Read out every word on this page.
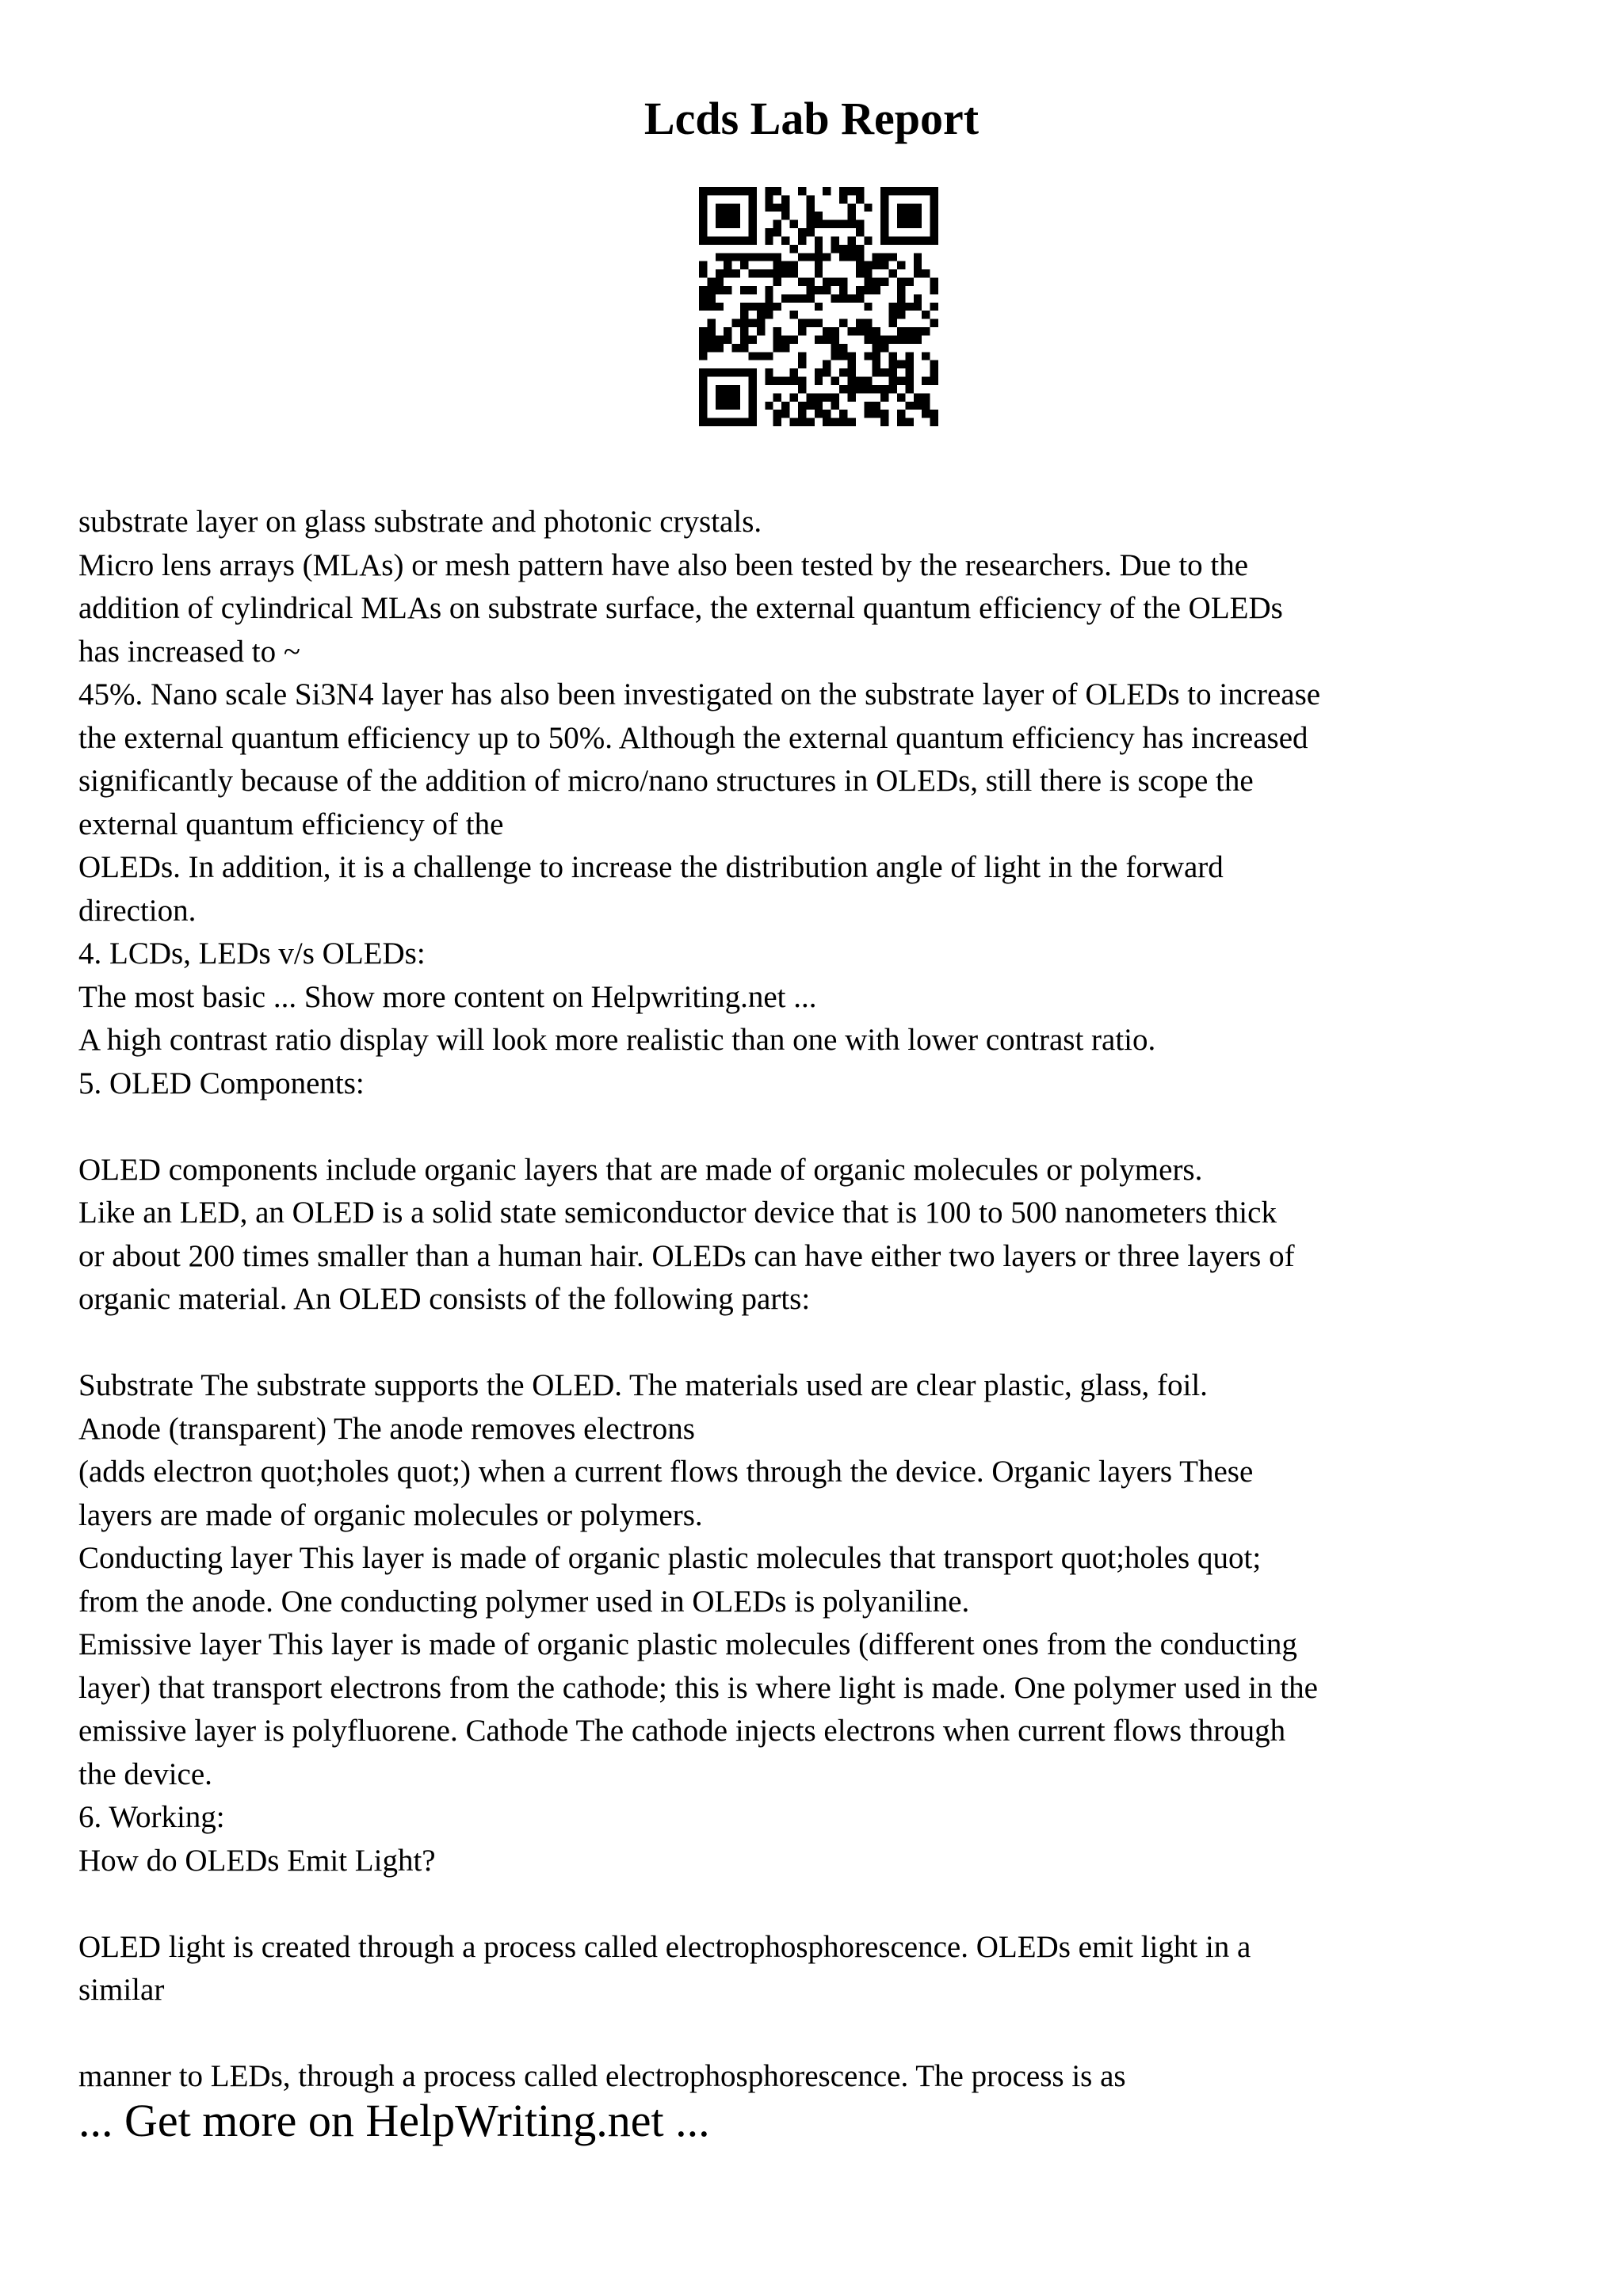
Lcds Lab Report
substrate layer on glass substrate and photonic crystals.
Micro lens arrays (MLAs) or mesh pattern have also been tested by the researchers. Due to the
addition of cylindrical MLAs on substrate surface, the external quantum efficiency of the OLEDs
has increased to ~
45%. Nano scale Si3N4 layer has also been investigated on the substrate layer of OLEDs to increase
the external quantum efficiency up to 50%. Although the external quantum efficiency has increased
significantly because of the addition of micro/nano structures in OLEDs, still there is scope the
external quantum efficiency of the
OLEDs. In addition, it is a challenge to increase the distribution angle of light in the forward
direction.
4. LCDs, LEDs v/s OLEDs:
The most basic ... Show more content on Helpwriting.net ...
A high contrast ratio display will look more realistic than one with lower contrast ratio.
5. OLED Components:
OLED components include organic layers that are made of organic molecules or polymers.
Like an LED, an OLED is a solid state semiconductor device that is 100 to 500 nanometers thick
or about 200 times smaller than a human hair. OLEDs can have either two layers or three layers of
organic material. An OLED consists of the following parts:
Substrate The substrate supports the OLED. The materials used are clear plastic, glass, foil.
Anode (transparent) The anode removes electrons
(adds electron quot;holes quot;) when a current flows through the device. Organic layers These
layers are made of organic molecules or polymers.
Conducting layer This layer is made of organic plastic molecules that transport quot;holes quot;
from the anode. One conducting polymer used in OLEDs is polyaniline.
Emissive layer This layer is made of organic plastic molecules (different ones from the conducting
layer) that transport electrons from the cathode; this is where light is made. One polymer used in the
emissive layer is polyfluorene. Cathode The cathode injects electrons when current flows through
the device.
6. Working:
How do OLEDs Emit Light?
OLED light is created through a process called electrophosphorescence. OLEDs emit light in a
similar
manner to LEDs, through a process called electrophosphorescence. The process is as
... Get more on HelpWriting.net ...
